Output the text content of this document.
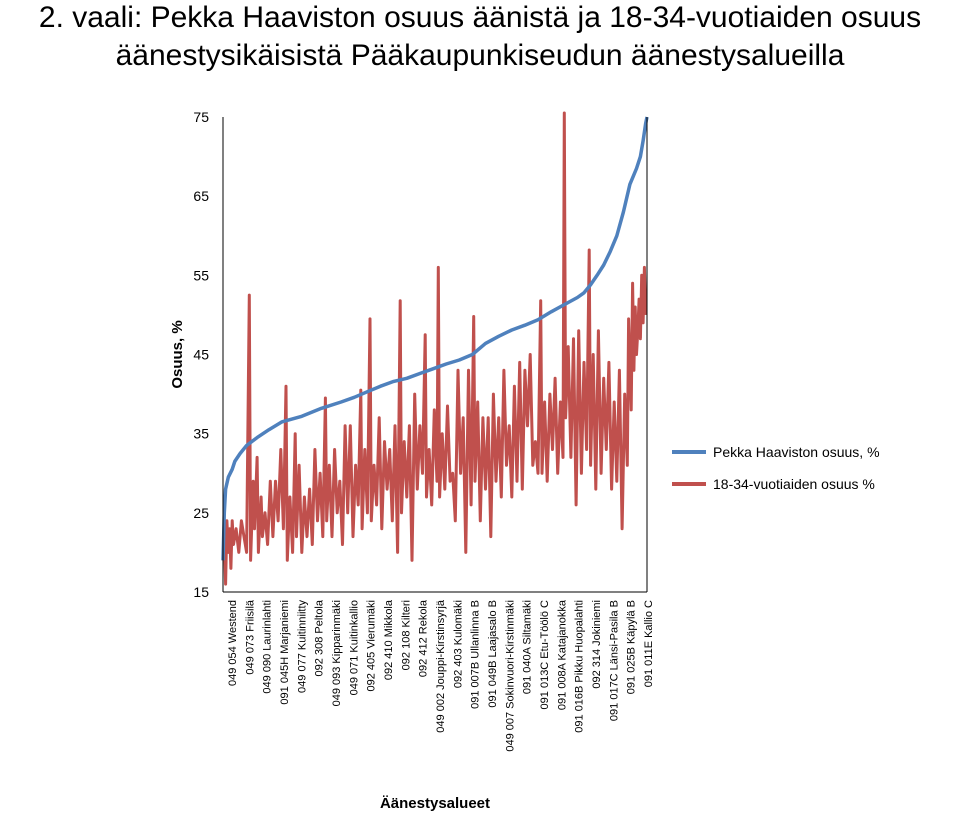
2. vaali: Pekka Haaviston osuus äänistä ja 18-34-vuotiaiden osuus
äänestysikäisistä Pääkaupunkiseudun äänestysalueilla
15
25
35
45
55
65
75
049 054 Westend 049 073 Friisilä 049 090 Laurinlahti 091 045H Marjaniemi 049 077 Kuitinniitty 092 308 Peltola 049 093 Kipparinmäki 049 071 Kuitinkallio 092 405 Vierumäki 092 410 Mikkola 092 108 Kilteri 092 412 Rekola 049 002 Jouppi-Kirstinsyrjä 092 403 Kulomäki 091 007B Ullanlinna B 091 049B Laajasalo B 049 007 Sokinvuori-Kirstinmäki 091 040A Siltamäki 091 013C Etu-Töölö C 091 008A Katajanokka 091 016B Pikku Huopalahti 092 314 Jokiniemi 091 017C Länsi-Pasila B 091 025B Käpylä B 091 011E Kallio C
Osuus, %
Äänestysalueet
Pekka Haaviston osuus, %
18-34-vuotiaiden osuus %
